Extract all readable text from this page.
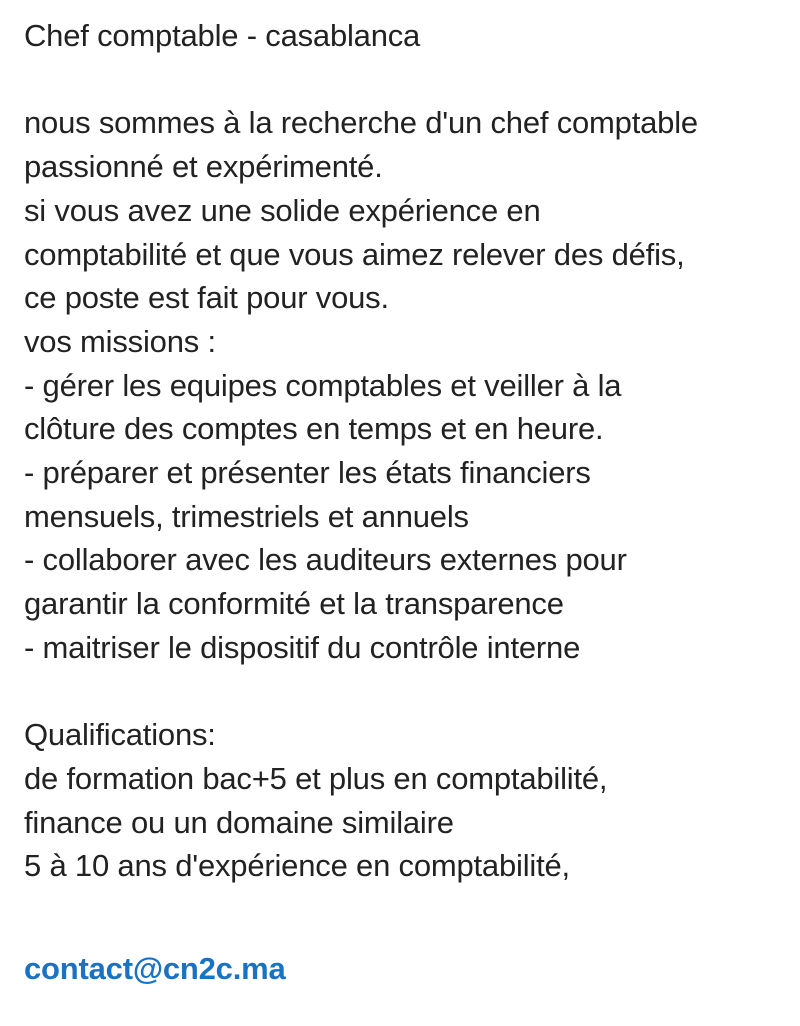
Chef comptable - casablanca
nous sommes à la recherche d'un chef comptable
passionné et expérimenté.
si vous avez une solide expérience en
comptabilité et que vous aimez relever des défis,
ce poste est fait pour vous.
vos missions :
- gérer les equipes comptables et veiller à la
clôture des comptes en temps et en heure.
- préparer et présenter les états financiers
mensuels, trimestriels et annuels
- collaborer avec les auditeurs externes pour
garantir la conformité et la transparence
- maitriser le dispositif du contrôle interne
Qualifications:
de formation bac+5 et plus en comptabilité,
finance ou un domaine similaire
5 à 10 ans d'expérience en comptabilité,
contact@cn2c.ma
